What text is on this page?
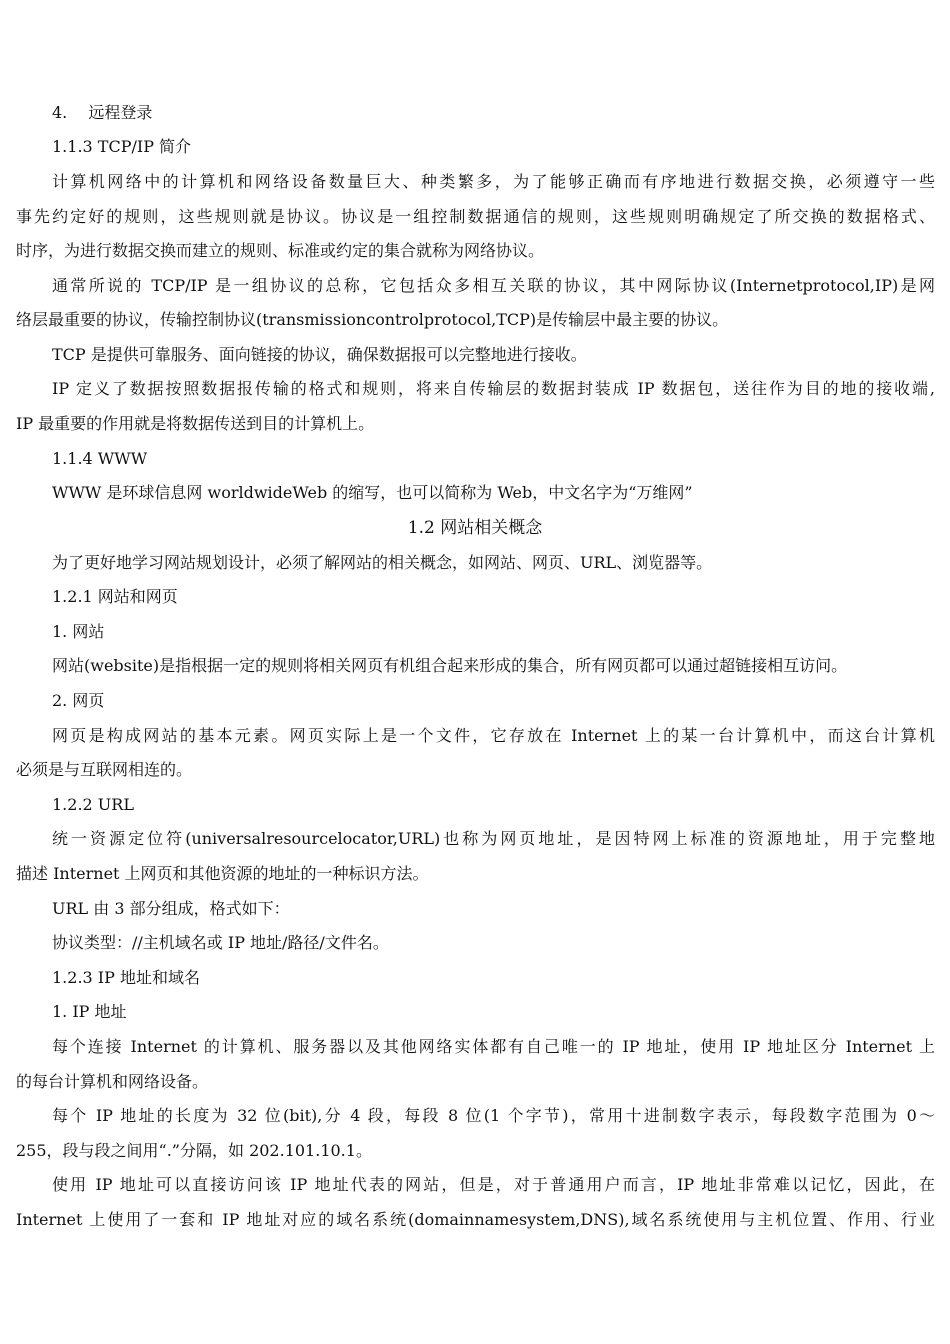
4.　 远程登录
1.1.3 TCP/IP 简介
计算机网络中的计算机和网络设备数量巨大、种类繁多，为了能够正确而有序地进行数据交换，必须遵守一些
事先约定好的规则，这些规则就是协议。协议是一组控制数据通信的规则，这些规则明确规定了所交换的数据格式、
时序，为进行数据交换而建立的规则、标准或约定的集合就称为网络协议。
通常所说的 TCP/IP 是一组协议的总称，它包括众多相互关联的协议，其中网际协议(Internetprotocol,IP)是网
络层最重要的协议，传输控制协议(transmissioncontrolprotocol,TCP)是传输层中最主要的协议。
TCP 是提供可靠服务、面向链接的协议，确保数据报可以完整地进行接收。
IP 定义了数据按照数据报传输的格式和规则，将来自传输层的数据封装成 IP 数据包，送往作为目的地的接收端,
IP 最重要的作用就是将数据传送到目的计算机上。
1.1.4 WWW
WWW 是环球信息网 worldwideWeb 的缩写，也可以简称为 Web，中文名字为“万维网”
1.2 网站相关概念
为了更好地学习网站规划设计，必须了解网站的相关概念，如网站、网页、URL、浏览器等。
1.2.1 网站和网页
1. 网站
网站(website)是指根据一定的规则将相关网页有机组合起来形成的集合，所有网页都可以通过超链接相互访问。
2. 网页
网页是构成网站的基本元素。网页实际上是一个文件，它存放在 Internet 上的某一台计算机中，而这台计算机
必须是与互联网相连的。
1.2.2 URL
统一资源定位符(universalresourcelocator,URL)也称为网页地址，是因特网上标准的资源地址，用于完整地
描述 Internet 上网页和其他资源的地址的一种标识方法。
URL 由 3 部分组成，格式如下：
协议类型：//主机域名或 IP 地址/路径/文件名。
1.2.3 IP 地址和域名
1. IP 地址
每个连接 Internet 的计算机、服务器以及其他网络实体都有自己唯一的 IP 地址，使用 IP 地址区分 Internet 上
的每台计算机和网络设备。
每个 IP 地址的长度为 32 位(bit),分 4 段，每段 8 位(1 个字节)，常用十进制数字表示，每段数字范围为 0～
255，段与段之间用“.”分隔，如 202.101.10.1。
使用 IP 地址可以直接访问该 IP 地址代表的网站，但是，对于普通用户而言，IP 地址非常难以记忆，因此，在
Internet 上使用了一套和 IP 地址对应的域名系统(domainnamesystem,DNS),域名系统使用与主机位置、作用、行业
